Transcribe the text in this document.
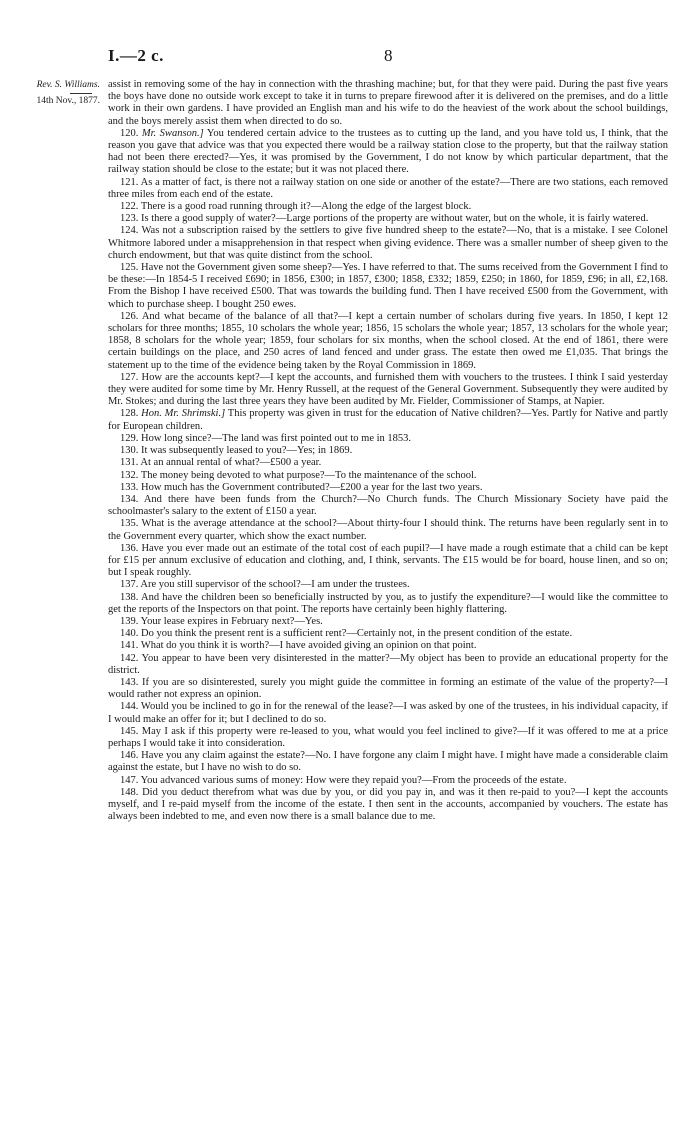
I.—2 c.	8
Rev. S. Williams.
14th Nov., 1877.

assist in removing some of the hay in connection with the thrashing machine; but, for that they were paid. During the past five years the boys have done no outside work except to take it in turns to prepare firewood after it is delivered on the premises, and do a little work in their own gardens. I have provided an English man and his wife to do the heaviest of the work about the school buildings, and the boys merely assist them when directed to do so.

120. Mr. Swanson.] You tendered certain advice to the trustees as to cutting up the land, and you have told us, I think, that the reason you gave that advice was that you expected there would be a railway station close to the property, but that the railway station had not been there erected?—Yes, it was promised by the Government, I do not know by which particular department, that the railway station should be close to the estate; but it was not placed there.

121. As a matter of fact, is there not a railway station on one side or another of the estate?—There are two stations, each removed three miles from each end of the estate.

122. There is a good road running through it?—Along the edge of the largest block.

123. Is there a good supply of water?—Large portions of the property are without water, but on the whole, it is fairly watered.

124. Was not a subscription raised by the settlers to give five hundred sheep to the estate?—No, that is a mistake. I see Colonel Whitmore labored under a misapprehension in that respect when giving evidence. There was a smaller number of sheep given to the church endowment, but that was quite distinct from the school.

125. Have not the Government given some sheep?—Yes. I have referred to that. The sums received from the Government I find to be these:—In 1854-5 I received £690; in 1856, £300; in 1857, £300; 1858, £332; 1859, £250; in 1860, for 1859, £96; in all, £2,168. From the Bishop I have received £500. That was towards the building fund. Then I have received £500 from the Government, with which to purchase sheep. I bought 250 ewes.

126. And what became of the balance of all that?—I kept a certain number of scholars during five years. In 1850, I kept 12 scholars for three months; 1855, 10 scholars the whole year; 1856, 15 scholars the whole year; 1857, 13 scholars for the whole year; 1858, 8 scholars for the whole year; 1859, four scholars for six months, when the school closed. At the end of 1861, there were certain buildings on the place, and 250 acres of land fenced and under grass. The estate then owed me £1,035. That brings the statement up to the time of the evidence being taken by the Royal Commission in 1869.

127. How are the accounts kept?—I kept the accounts, and furnished them with vouchers to the trustees. I think I said yesterday they were audited for some time by Mr. Henry Russell, at the request of the General Government. Subsequently they were audited by Mr. Stokes; and during the last three years they have been audited by Mr. Fielder, Commissioner of Stamps, at Napier.

128. Hon. Mr. Shrimski.] This property was given in trust for the education of Native children?—Yes. Partly for Native and partly for European children.

129. How long since?—The land was first pointed out to me in 1853.

130. It was subsequently leased to you?—Yes; in 1869.

131. At an annual rental of what?—£500 a year.

132. The money being devoted to what purpose?—To the maintenance of the school.

133. How much has the Government contributed?—£200 a year for the last two years.

134. And there have been funds from the Church?—No Church funds. The Church Missionary Society have paid the schoolmaster's salary to the extent of £150 a year.

135. What is the average attendance at the school?—About thirty-four I should think. The returns have been regularly sent in to the Government every quarter, which show the exact number.

136. Have you ever made out an estimate of the total cost of each pupil?—I have made a rough estimate that a child can be kept for £15 per annum exclusive of education and clothing, and, I think, servants. The £15 would be for board, house linen, and so on; but I speak roughly.

137. Are you still supervisor of the school?—I am under the trustees.

138. And have the children been so beneficially instructed by you, as to justify the expenditure?—I would like the committee to get the reports of the Inspectors on that point. The reports have certainly been highly flattering.

139. Your lease expires in February next?—Yes.

140. Do you think the present rent is a sufficient rent?—Certainly not, in the present condition of the estate.

141. What do you think it is worth?—I have avoided giving an opinion on that point.

142. You appear to have been very disinterested in the matter?—My object has been to provide an educational property for the district.

143. If you are so disinterested, surely you might guide the committee in forming an estimate of the value of the property?—I would rather not express an opinion.

144. Would you be inclined to go in for the renewal of the lease?—I was asked by one of the trustees, in his individual capacity, if I would make an offer for it; but I declined to do so.

145. May I ask if this property were re-leased to you, what would you feel inclined to give?—If it was offered to me at a price perhaps I would take it into consideration.

146. Have you any claim against the estate?—No. I have forgone any claim I might have. I might have made a considerable claim against the estate, but I have no wish to do so.

147. You advanced various sums of money: How were they repaid you?—From the proceeds of the estate.

148. Did you deduct therefrom what was due by you, or did you pay in, and was it then re-paid to you?—I kept the accounts myself, and I re-paid myself from the income of the estate. I then sent in the accounts, accompanied by vouchers. The estate has always been indebted to me, and even now there is a small balance due to me.
